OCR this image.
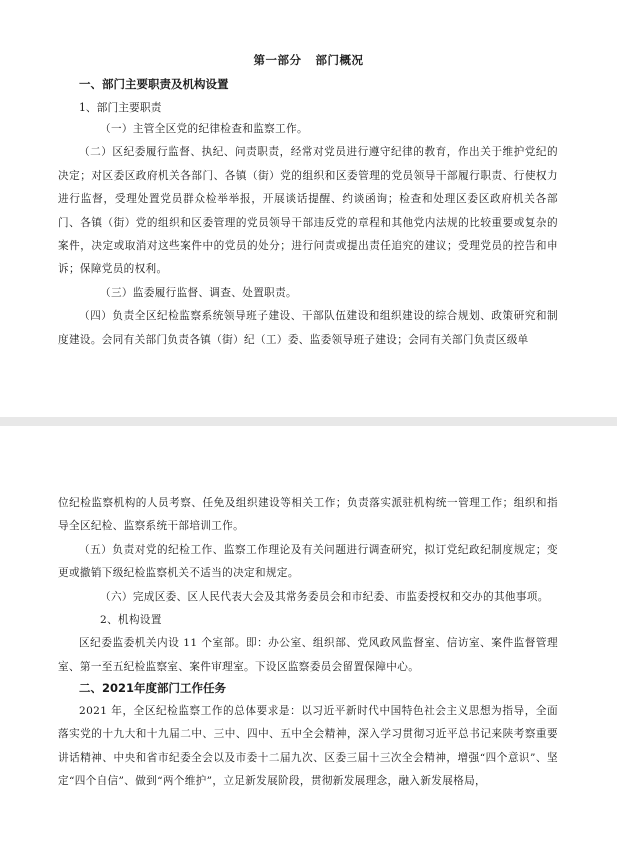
第一部分 部门概况
一、部门主要职责及机构设置
1、部门主要职责

（一）主管全区党的纪律检查和监察工作。

（二）区纪委履行监督、执纪、问责职责，经常对党员进行遵守纪律的教育，作出关于维护党纪的决定；对区委区政府机关各部门、各镇（街）党的组织和区委管理的党员领导干部履行职责、行使权力进行监督，受理处置党员群众检举举报，开展谈话提醒、约谈函询；检查和处理区委区政府机关各部门、各镇（街）党的组织和区委管理的党员领导干部违反党的章程和其他党内法规的比较重要或复杂的案件，决定或取消对这些案件中的党员的处分；进行问责或提出责任追究的建议；受理党员的控告和申诉；保障党员的权利。

（三）监委履行监督、调查、处置职责。

（四）负责全区纪检监察系统领导班子建设、干部队伍建设和组织建设的综合规划、政策研究和制度建设。会同有关部门负责各镇（街）纪（工）委、监委领导班子建设；会同有关部门负责区级单

位纪检监察机构的人员考察、任免及组织建设等相关工作；负责落实派驻机构统一管理工作；组织和指导全区纪检、监察系统干部培训工作。

（五）负责对党的纪检工作、监察工作理论及有关问题进行调查研究，拟订党纪政纪制度规定；变更或撤销下级纪检监察机关不适当的决定和规定。

（六）完成区委、区人民代表大会及其常务委员会和市纪委、市监委授权和交办的其他事项。

2、机构设置

区纪委监委机关内设 11 个室部。即：办公室、组织部、党风政风监督室、信访室、案件监督管理室、第一至五纪检监察室、案件审理室。下设区监察委员会留置保障中心。

二、2021年度部门工作任务

2021 年，全区纪检监察工作的总体要求是：以习近平新时代中国特色社会主义思想为指导，全面落实党的十九大和十九届二中、三中、四中、五中全会精神，深入学习贯彻习近平总书记来陕考察重要讲话精神、中央和省市纪委全会以及市委十二届九次、区委三届十三次全会精神，增强“四个意识”、坚定“四个自信”、做到“两个维护”，立足新发展阶段，贯彻新发展理念，融入新发展格局，
